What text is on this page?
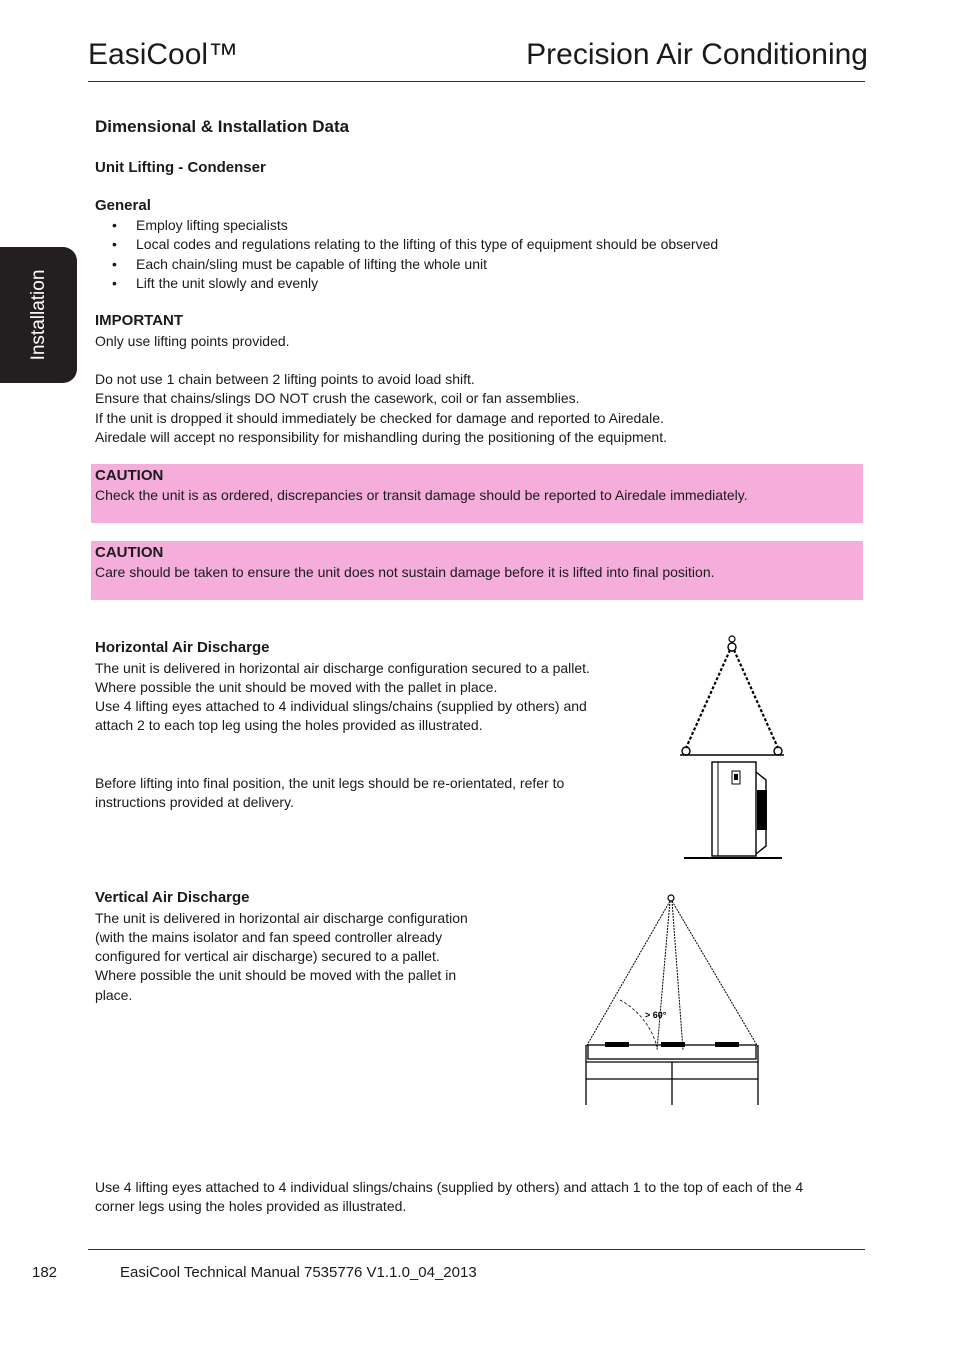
EasiCool™	Precision Air Conditioning
Installation
Dimensional & Installation Data
Unit Lifting - Condenser
General
• Employ lifting specialists
• Local codes and regulations relating to the lifting of this type of equipment should be observed
• Each chain/sling must be capable of lifting the whole unit
• Lift the unit slowly and evenly
IMPORTANT
Only use lifting points provided.
Do not use 1 chain between 2 lifting points to avoid load shift.
Ensure that chains/slings DO NOT crush the casework, coil or fan assemblies.
If the unit is dropped it should immediately be checked for damage and reported to Airedale.
Airedale will accept no responsibility for mishandling during the positioning of the equipment.
CAUTION
Check the unit is as ordered, discrepancies or transit damage should be reported to Airedale immediately.
CAUTION
Care should be taken to ensure the unit does not sustain damage before it is lifted into final position.
Horizontal Air Discharge
The unit is delivered in horizontal air discharge configuration secured to a pallet.
Where possible the unit should be moved with the pallet in place.
Use 4 lifting eyes attached to 4 individual slings/chains (supplied by others) and
attach 2 to each top leg using the holes provided as illustrated.
Before lifting into final position, the unit legs should be re-orientated, refer to
instructions provided at delivery.
Vertical Air Discharge
The unit is delivered in horizontal air discharge configuration
(with the mains isolator and fan speed controller already
configured for vertical air discharge) secured to a pallet.
Where possible the unit should be moved with the pallet in
place.
> 60°
Use 4 lifting eyes attached to 4 individual slings/chains (supplied by others) and attach 1 to the top of each of the 4
corner legs using the holes provided as illustrated.
182	EasiCool Technical Manual 7535776 V1.1.0_04_2013
